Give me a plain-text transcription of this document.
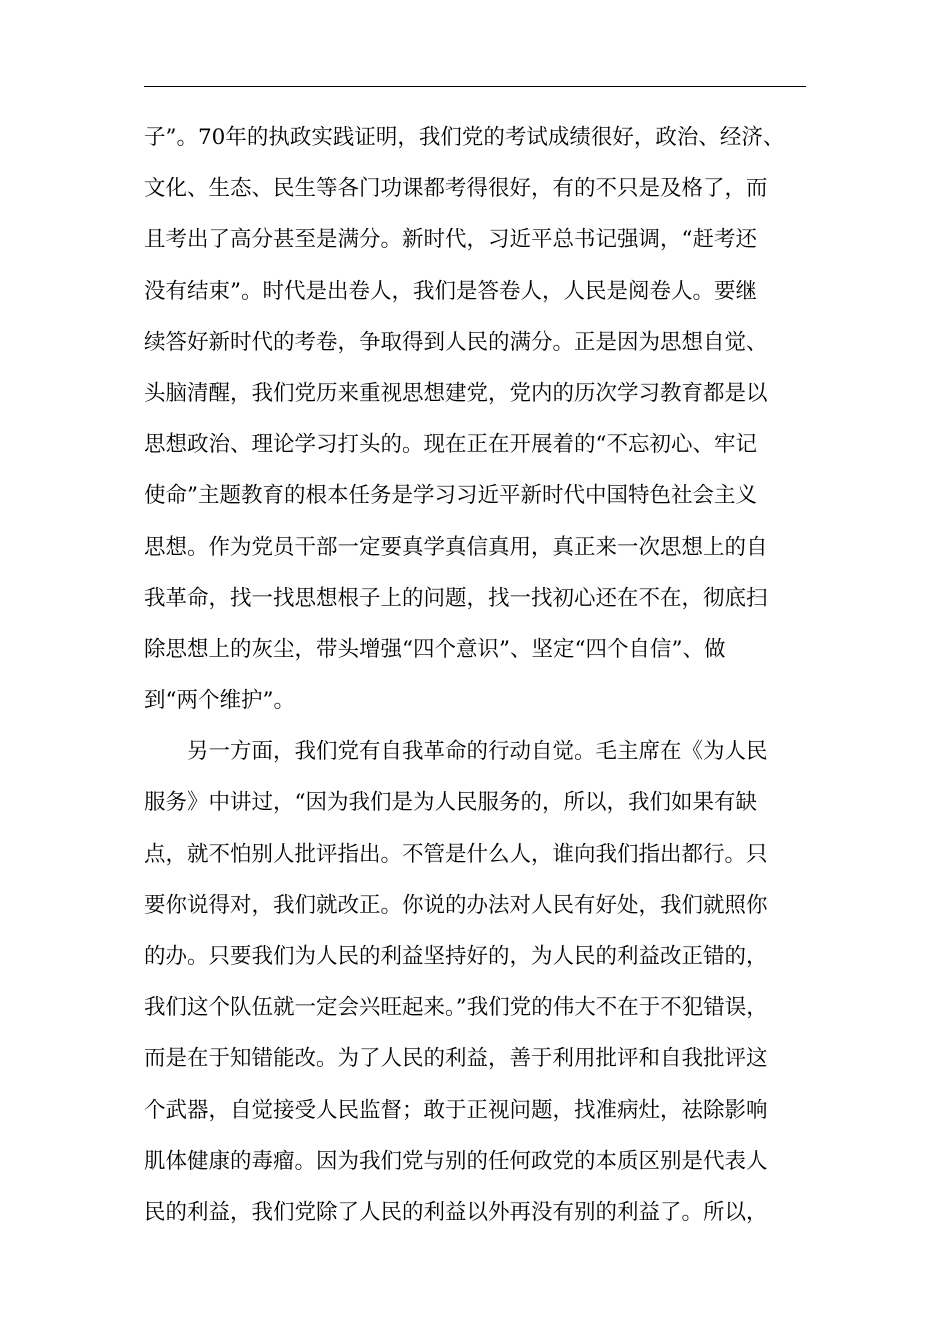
子”。70年的执政实践证明，我们党的考试成绩很好，政治、经济、
文化、生态、民生等各门功课都考得很好，有的不只是及格了，而
且考出了高分甚至是满分。新时代，习近平总书记强调，“赶考还
没有结束”。时代是出卷人，我们是答卷人，人民是阅卷人。要继
续答好新时代的考卷，争取得到人民的满分。正是因为思想自觉、
头脑清醒，我们党历来重视思想建党，党内的历次学习教育都是以
思想政治、理论学习打头的。现在正在开展着的“不忘初心、牢记
使命”主题教育的根本任务是学习习近平新时代中国特色社会主义
思想。作为党员干部一定要真学真信真用，真正来一次思想上的自
我革命，找一找思想根子上的问题，找一找初心还在不在，彻底扫
除思想上的灰尘，带头增强“四个意识”、坚定“四个自信”、做
到“两个维护”。
另一方面，我们党有自我革命的行动自觉。毛主席在《为人民
服务》中讲过，“因为我们是为人民服务的，所以，我们如果有缺
点，就不怕别人批评指出。不管是什么人，谁向我们指出都行。只
要你说得对，我们就改正。你说的办法对人民有好处，我们就照你
的办。只要我们为人民的利益坚持好的，为人民的利益改正错的，
我们这个队伍就一定会兴旺起来。”我们党的伟大不在于不犯错误，
而是在于知错能改。为了人民的利益，善于利用批评和自我批评这
个武器，自觉接受人民监督；敢于正视问题，找准病灶，祛除影响
肌体健康的毒瘤。因为我们党与别的任何政党的本质区别是代表人
民的利益，我们党除了人民的利益以外再没有别的利益了。所以，
